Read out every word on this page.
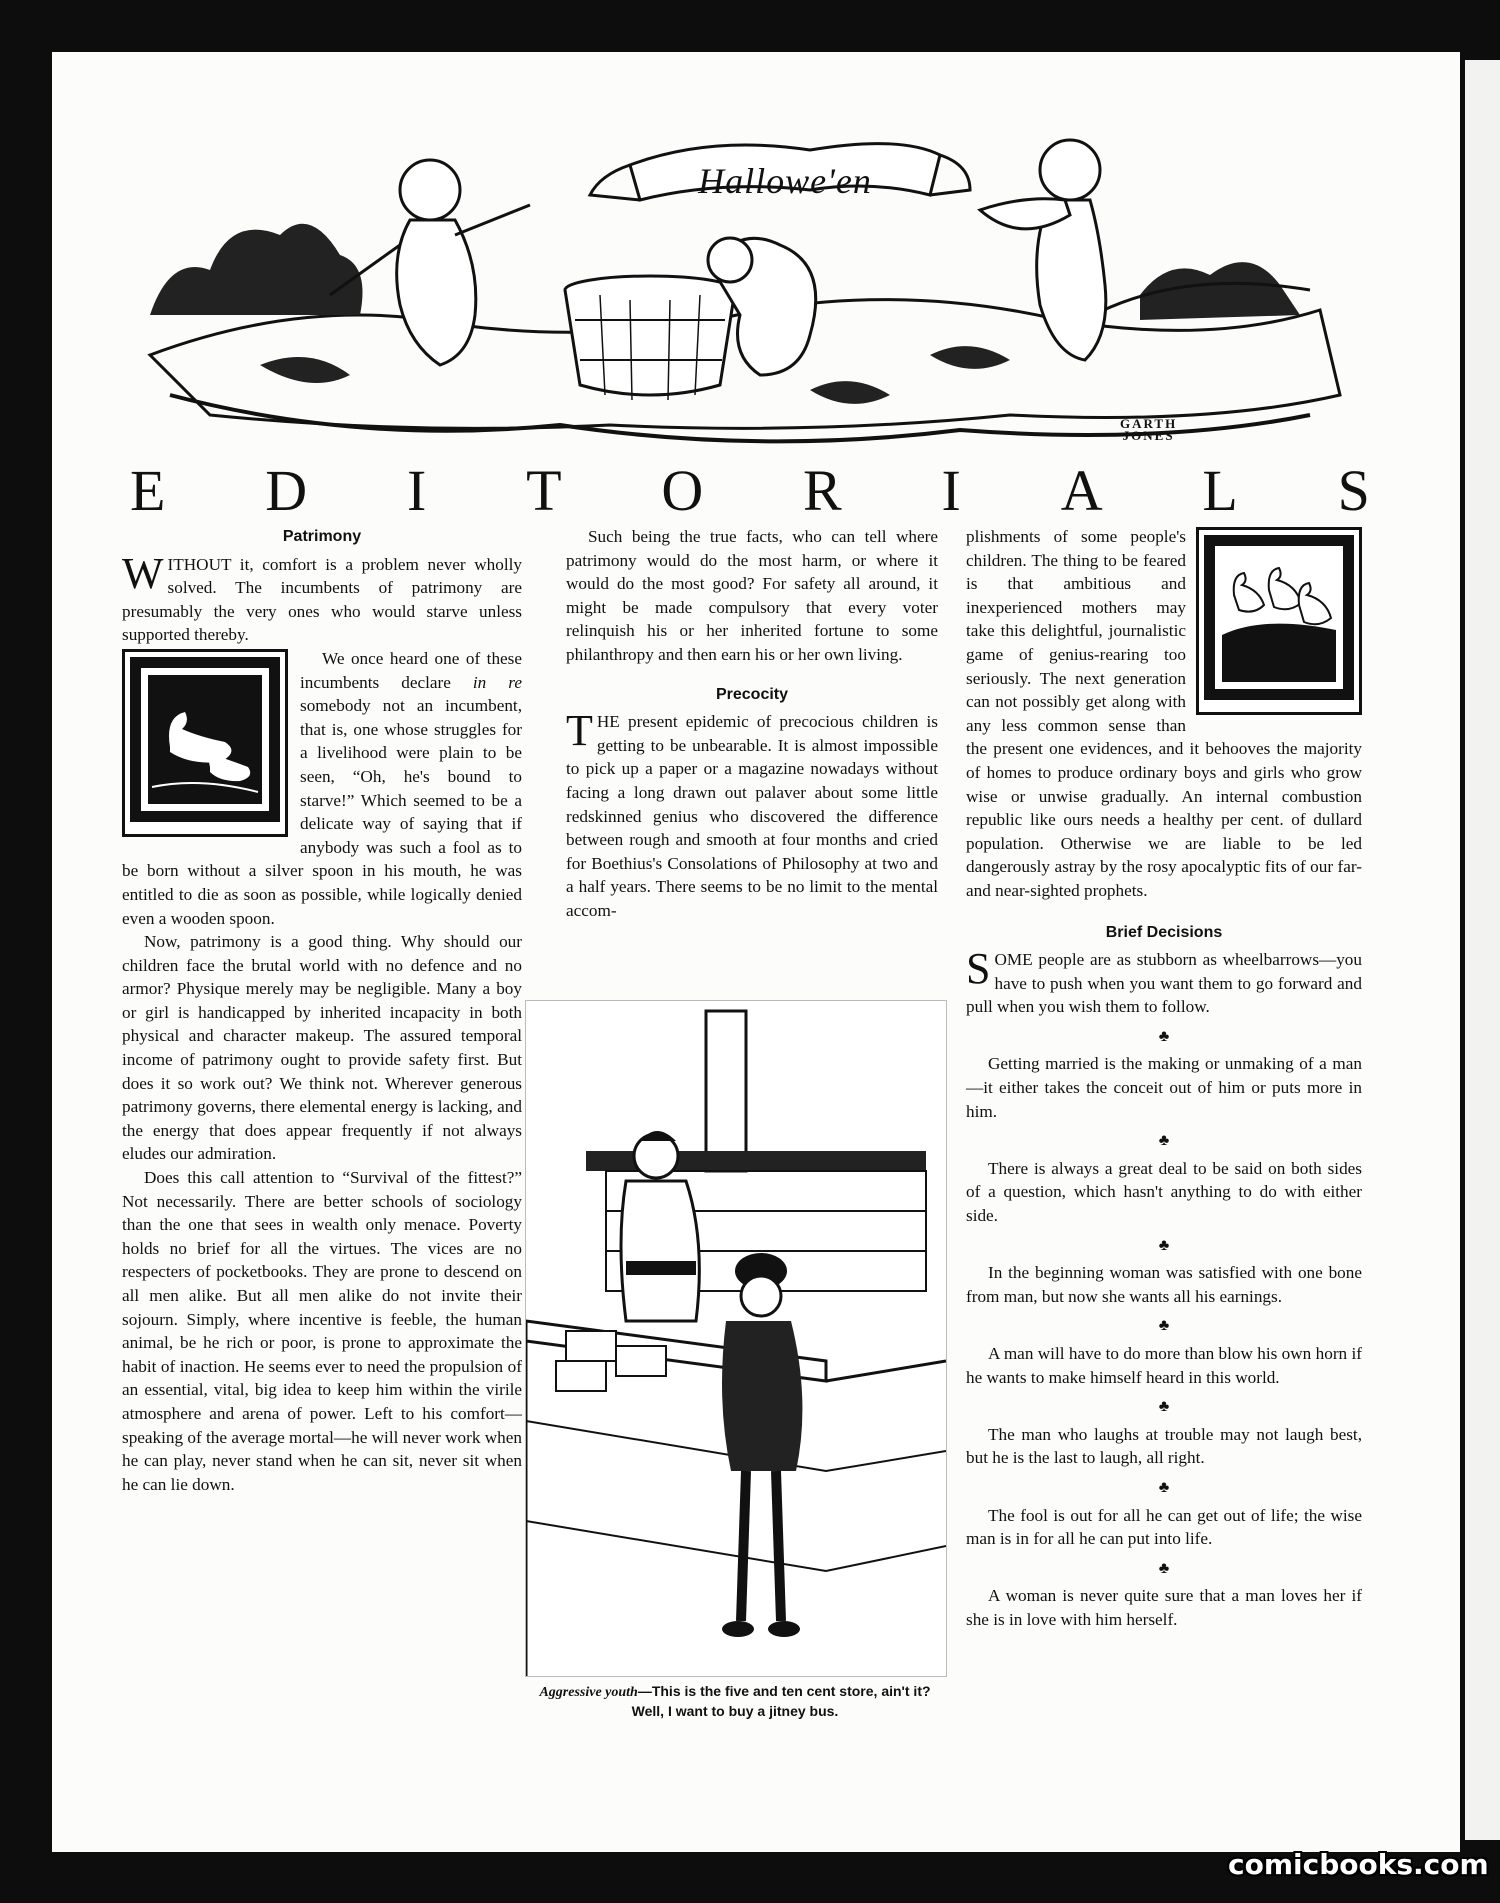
Hallowe'en
GARTH
JONES
E D I T O R I A L S
Patrimony

WITHOUT it, comfort is a problem never wholly solved. The incumbents of patrimony are presumably the very ones who would starve unless supported thereby.

We once heard one of these incumbents declare in re somebody not an incumbent, that is, one whose struggles for a livelihood were plain to be seen, “Oh, he's bound to starve!” Which seemed to be a delicate way of saying that if anybody was such a fool as to be born without a silver spoon in his mouth, he was entitled to die as soon as possible, while logically denied even a wooden spoon.

Now, patrimony is a good thing. Why should our children face the brutal world with no defence and no armor? Physique merely may be negligible. Many a boy or girl is handicapped by inherited incapacity in both physical and character makeup. The assured temporal income of patrimony ought to provide safety first. But does it so work out? We think not. Wherever generous patrimony governs, there elemental energy is lacking, and the energy that does appear frequently if not always eludes our admiration.

Does this call attention to “Survival of the fittest?” Not necessarily. There are better schools of sociology than the one that sees in wealth only menace. Poverty holds no brief for all the virtues. The vices are no respecters of pocketbooks. They are prone to descend on all men alike. But all men alike do not invite their sojourn. Simply, where incentive is feeble, the human animal, be he rich or poor, is prone to approximate the habit of inaction. He seems ever to need the propulsion of an essential, vital, big idea to keep him within the virile atmosphere and arena of power. Left to his comfort—speaking of the average mortal—he will never work when he can play, never stand when he can sit, never sit when he can lie down.

Such being the true facts, who can tell where patrimony would do the most harm, or where it would do the most good? For safety all around, it might be made compulsory that every voter relinquish his or her inherited fortune to some philanthropy and then earn his or her own living.

Precocity

THE present epidemic of precocious children is getting to be unbearable. It is almost impossible to pick up a paper or a magazine nowadays without facing a long drawn out palaver about some little redskinned genius who discovered the difference between rough and smooth at four months and cried for Boethius's Consolations of Philosophy at two and a half years. There seems to be no limit to the mental accom-

Aggressive youth—This is the five and ten cent store, ain't it? Well, I want to buy a jitney bus.

plishments of some people's children. The thing to be feared is that ambitious and inexperienced mothers may take this delightful, journalistic game of genius-rearing too seriously. The next generation can not possibly get along with any less common sense than the present one evidences, and it behooves the majority of homes to produce ordinary boys and girls who grow wise or unwise gradually. An internal combustion republic like ours needs a healthy per cent. of dullard population. Otherwise we are liable to be led dangerously astray by the rosy apocalyptic fits of our far- and near-sighted prophets.

Brief Decisions

SOME people are as stubborn as wheelbarrows—you have to push when you want them to go forward and pull when you wish them to follow.

♣

Getting married is the making or unmaking of a man—it either takes the conceit out of him or puts more in him.

♣

There is always a great deal to be said on both sides of a question, which hasn't anything to do with either side.

♣

In the beginning woman was satisfied with one bone from man, but now she wants all his earnings.

♣

A man will have to do more than blow his own horn if he wants to make himself heard in this world.

♣

The man who laughs at trouble may not laugh best, but he is the last to laugh, all right.

♣

The fool is out for all he can get out of life; the wise man is in for all he can put into life.

♣

A woman is never quite sure that a man loves her if she is in love with him herself.

comicbooks.com
